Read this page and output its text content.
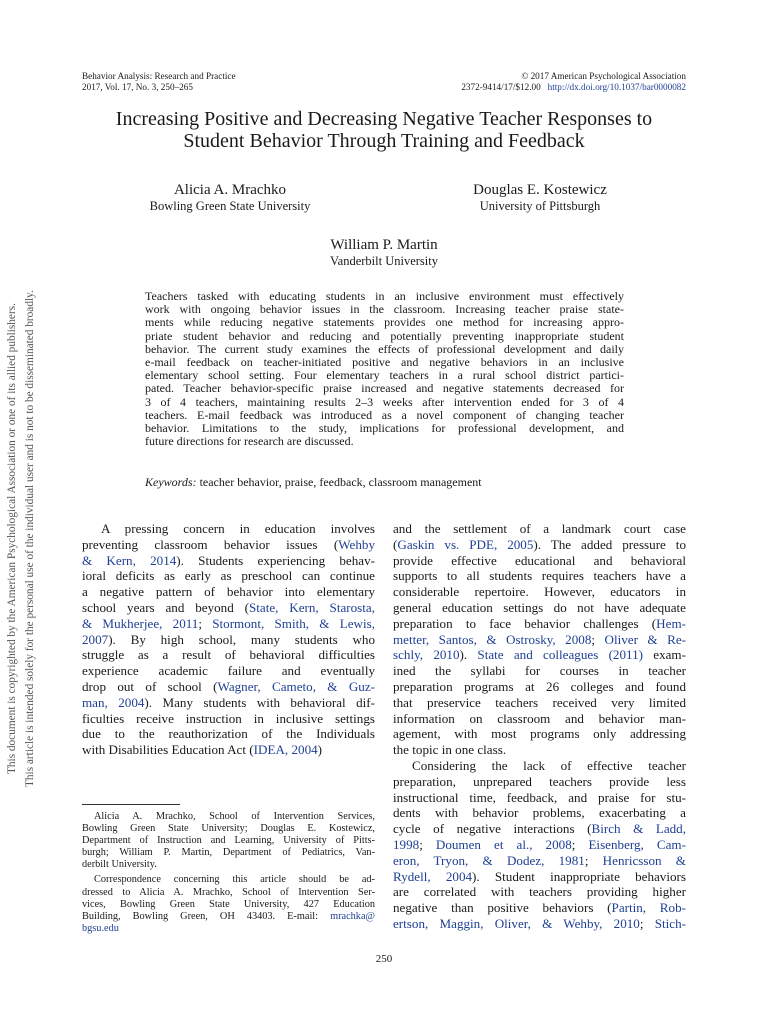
Behavior Analysis: Research and Practice
2017, Vol. 17, No. 3, 250–265
© 2017 American Psychological Association
2372-9414/17/$12.00 http://dx.doi.org/10.1037/bar0000082
Increasing Positive and Decreasing Negative Teacher Responses to
Student Behavior Through Training and Feedback
Alicia A. Mrachko
Bowling Green State University
Douglas E. Kostewicz
University of Pittsburgh
William P. Martin
Vanderbilt University
Teachers tasked with educating students in an inclusive environment must effectively
work with ongoing behavior issues in the classroom. Increasing teacher praise state-
ments while reducing negative statements provides one method for increasing appro-
priate student behavior and reducing and potentially preventing inappropriate student
behavior. The current study examines the effects of professional development and daily
e-mail feedback on teacher-initiated positive and negative behaviors in an inclusive
elementary school setting. Four elementary teachers in a rural school district partici-
pated. Teacher behavior-specific praise increased and negative statements decreased for
3 of 4 teachers, maintaining results 2–3 weeks after intervention ended for 3 of 4
teachers. E-mail feedback was introduced as a novel component of changing teacher
behavior. Limitations to the study, implications for professional development, and
future directions for research are discussed.
Keywords: teacher behavior, praise, feedback, classroom management
A pressing concern in education involves
preventing classroom behavior issues (Wehby
& Kern, 2014). Students experiencing behav-
ioral deficits as early as preschool can continue
a negative pattern of behavior into elementary
school years and beyond (State, Kern, Starosta,
& Mukherjee, 2011; Stormont, Smith, & Lewis,
2007). By high school, many students who
struggle as a result of behavioral difficulties
experience academic failure and eventually
drop out of school (Wagner, Cameto, & Guz-
man, 2004). Many students with behavioral dif-
ficulties receive instruction in inclusive settings
due to the reauthorization of the Individuals
with Disabilities Education Act (IDEA, 2004)
and the settlement of a landmark court case
(Gaskin vs. PDE, 2005). The added pressure to
provide effective educational and behavioral
supports to all students requires teachers have a
considerable repertoire. However, educators in
general education settings do not have adequate
preparation to face behavior challenges (Hem-
metter, Santos, & Ostrosky, 2008; Oliver & Re-
schly, 2010). State and colleagues (2011) exam-
ined the syllabi for courses in teacher
preparation programs at 26 colleges and found
that preservice teachers received very limited
information on classroom and behavior man-
agement, with most programs only addressing
the topic in one class.
Considering the lack of effective teacher
preparation, unprepared teachers provide less
instructional time, feedback, and praise for stu-
dents with behavior problems, exacerbating a
cycle of negative interactions (Birch & Ladd,
1998; Doumen et al., 2008; Eisenberg, Cam-
eron, Tryon, & Dodez, 1981; Henricsson &
Rydell, 2004). Student inappropriate behaviors
are correlated with teachers providing higher
negative than positive behaviors (Partin, Rob-
ertson, Maggin, Oliver, & Wehby, 2010; Stich-
Alicia A. Mrachko, School of Intervention Services,
Bowling Green State University; Douglas E. Kostewicz,
Department of Instruction and Learning, University of Pitts-
burgh; William P. Martin, Department of Pediatrics, Van-
derbilt University.
Correspondence concerning this article should be ad-
dressed to Alicia A. Mrachko, School of Intervention Ser-
vices, Bowling Green State University, 427 Education
Building, Bowling Green, OH 43403. E-mail: mrachka@
bgsu.edu
250
This document is copyrighted by the American Psychological Association or one of its allied publishers. This article is intended solely for the personal use of the individual user and is not to be disseminated broadly.
